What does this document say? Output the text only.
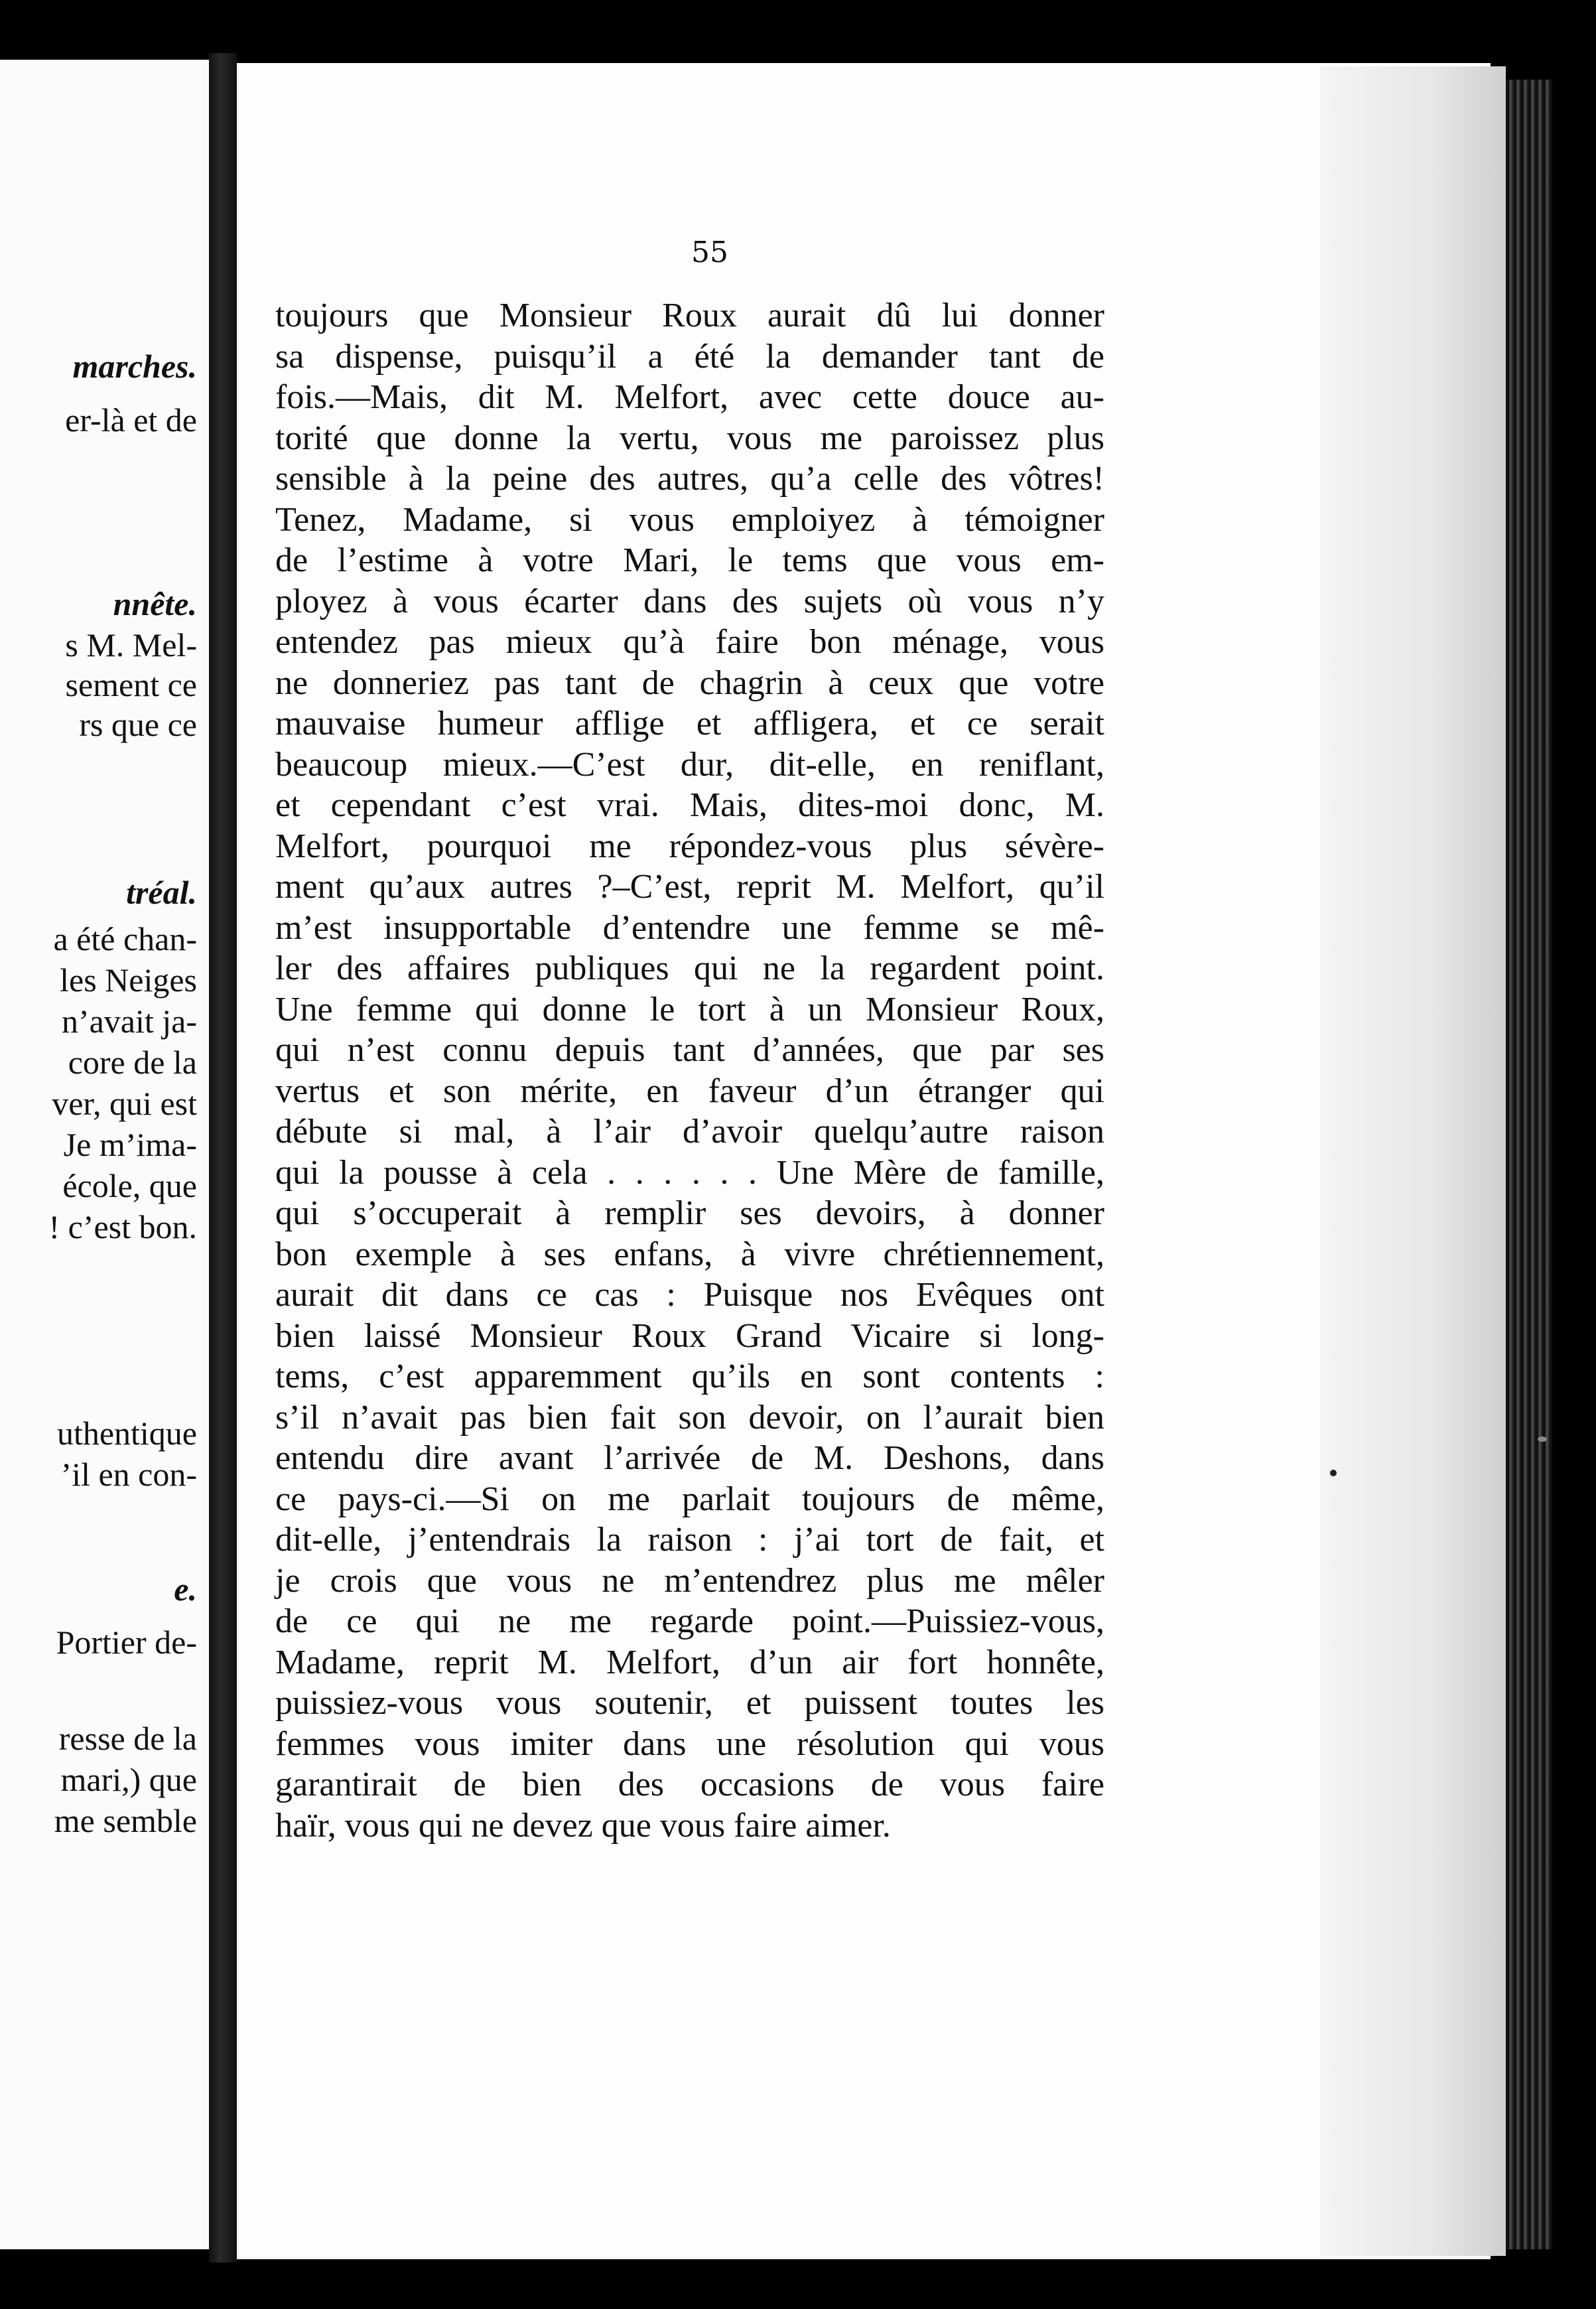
marches.
er-là et de
nnête.
s M. Mel-
sement ce
rs que ce
tréal.
a été chan-
les Neiges
n’avait ja-
core de la
ver, qui est
Je m’ima-
école, que
! c’est bon.
uthentique
’il en con-
e.
Portier de-
resse de la
mari,) que
me semble
55
toujours que Monsieur Roux aurait dû lui donner
sa dispense, puisqu’il a été la demander tant de
fois.—Mais, dit M. Melfort, avec cette douce au-
torité que donne la vertu, vous me paroissez plus
sensible à la peine des autres, qu’a celle des vôtres!
Tenez, Madame, si vous emploiyez à témoigner
de l’estime à votre Mari, le tems que vous em-
ployez à vous écarter dans des sujets où vous n’y
entendez pas mieux qu’à faire bon ménage, vous
ne donneriez pas tant de chagrin à ceux que votre
mauvaise humeur afflige et affligera, et ce serait
beaucoup mieux.—C’est dur, dit-elle, en reniflant,
et cependant c’est vrai. Mais, dites-moi donc, M.
Melfort, pourquoi me répondez-vous plus sévère-
ment qu’aux autres ?–C’est, reprit M. Melfort, qu’il
m’est insupportable d’entendre une femme se mê-
ler des affaires publiques qui ne la regardent point.
Une femme qui donne le tort à un Monsieur Roux,
qui n’est connu depuis tant d’années, que par ses
vertus et son mérite, en faveur d’un étranger qui
débute si mal, à l’air d’avoir quelqu’autre raison
qui la pousse à cela . . . . . . Une Mère de famille,
qui s’occuperait à remplir ses devoirs, à donner
bon exemple à ses enfans, à vivre chrétiennement,
aurait dit dans ce cas : Puisque nos Evêques ont
bien laissé Monsieur Roux Grand Vicaire si long-
tems, c’est apparemment qu’ils en sont contents :
s’il n’avait pas bien fait son devoir, on l’aurait bien
entendu dire avant l’arrivée de M. Deshons, dans
ce pays-ci.—Si on me parlait toujours de même,
dit-elle, j’entendrais la raison : j’ai tort de fait, et
je crois que vous ne m’entendrez plus me mêler
de ce qui ne me regarde point.—Puissiez-vous,
Madame, reprit M. Melfort, d’un air fort honnête,
puissiez-vous vous soutenir, et puissent toutes les
femmes vous imiter dans une résolution qui vous
garantirait de bien des occasions de vous faire
haïr, vous qui ne devez que vous faire aimer.
